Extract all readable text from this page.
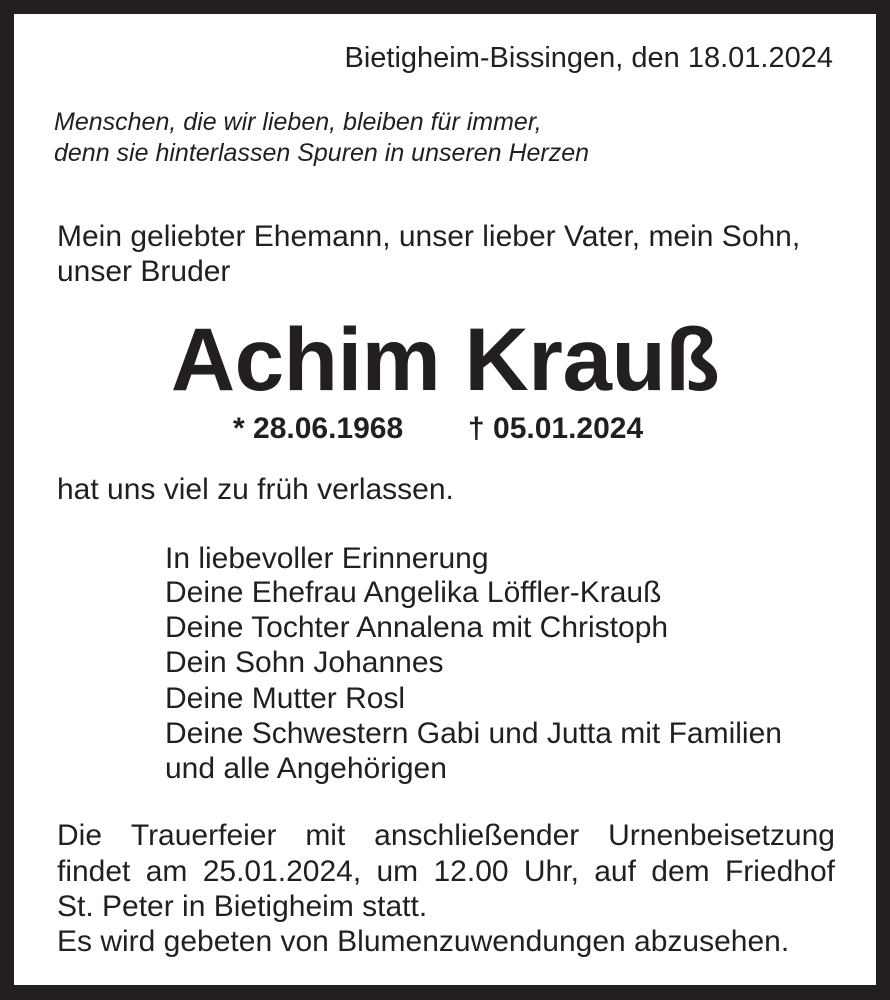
Bietigheim-Bissingen, den 18.01.2024
Menschen, die wir lieben, bleiben für immer,
denn sie hinterlassen Spuren in unseren Herzen
Mein geliebter Ehemann, unser lieber Vater, mein Sohn,
unser Bruder
Achim Krauß
* 28.06.1968 † 05.01.2024
hat uns viel zu früh verlassen.
In liebevoller Erinnerung
Deine Ehefrau Angelika Löffler-Krauß
Deine Tochter Annalena mit Christoph
Dein Sohn Johannes
Deine Mutter Rosl
Deine Schwestern Gabi und Jutta mit Familien
und alle Angehörigen
Die Trauerfeier mit anschließender Urnenbeisetzung
findet am 25.01.2024, um 12.00 Uhr, auf dem Friedhof
St. Peter in Bietigheim statt.
Es wird gebeten von Blumenzuwendungen abzusehen.
